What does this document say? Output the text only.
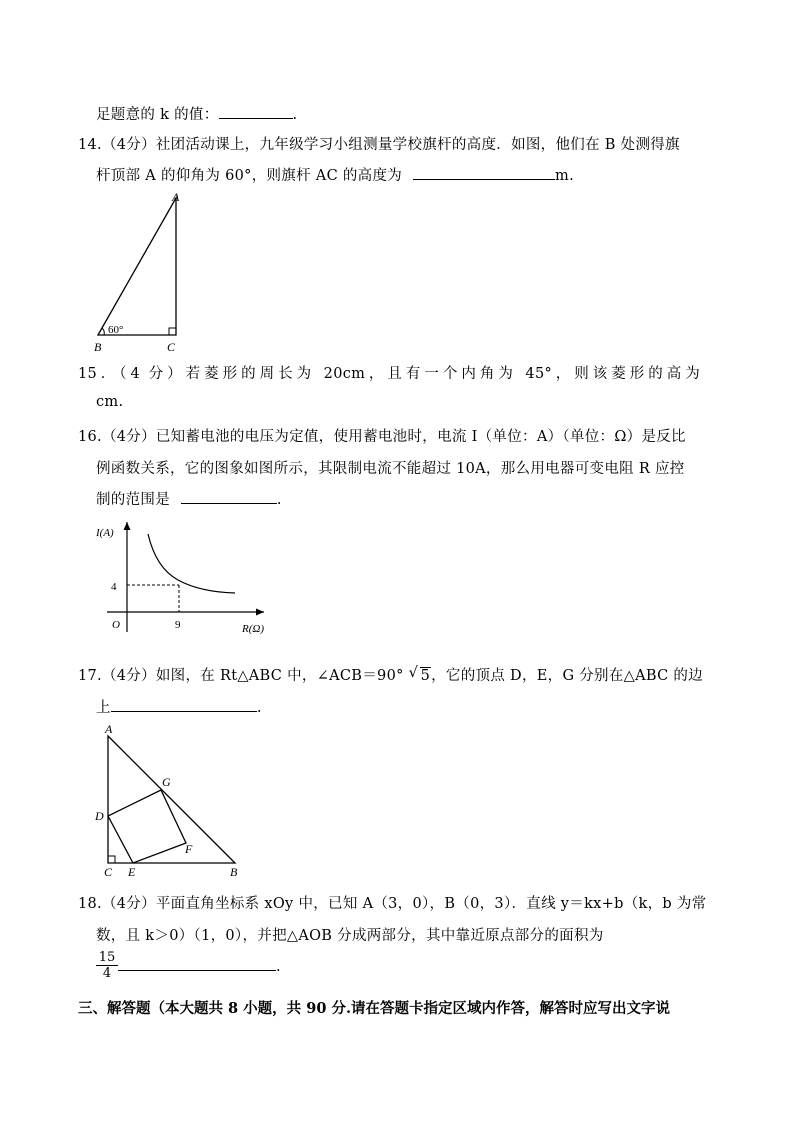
足题意的 k 的值：	.
14.（4分）社团活动课上，九年级学习小组测量学校旗杆的高度．如图，他们在 B 处测得旗
杆顶部 A 的仰角为 60°，则旗杆 AC 的高度为	m.
A
B	C
60°
15．（4 分）若菱形的周长为 20cm，且有一个内角为 45°，则该菱形的高为
cm.
16.（4分）已知蓄电池的电压为定值，使用蓄电池时，电流 I（单位：A）（单位：Ω）是反比
例函数关系，它的图象如图所示，其限制电流不能超过 10A，那么用电器可变电阻 R 应控
制的范围是	.
I(A)
R(Ω)
O	9
4
17.（4分）如图，在 Rt△ABC 中，∠ACB＝90° √ 5，它的顶点 D，E，G 分别在△ABC 的边
上	.
A
B
C
D
E
F
G
18.（4分）平面直角坐标系 xOy 中，已知 A（3，0），B（0，3）．直线 y＝kx+b（k，b 为常
数，且 k＞0）（1，0），并把△AOB 分成两部分，其中靠近原点部分的面积为
$\frac{15}{4}$	.
三、解答题（本大题共 8 小题，共 90 分.请在答题卡指定区域内作答，解答时应写出文字说
